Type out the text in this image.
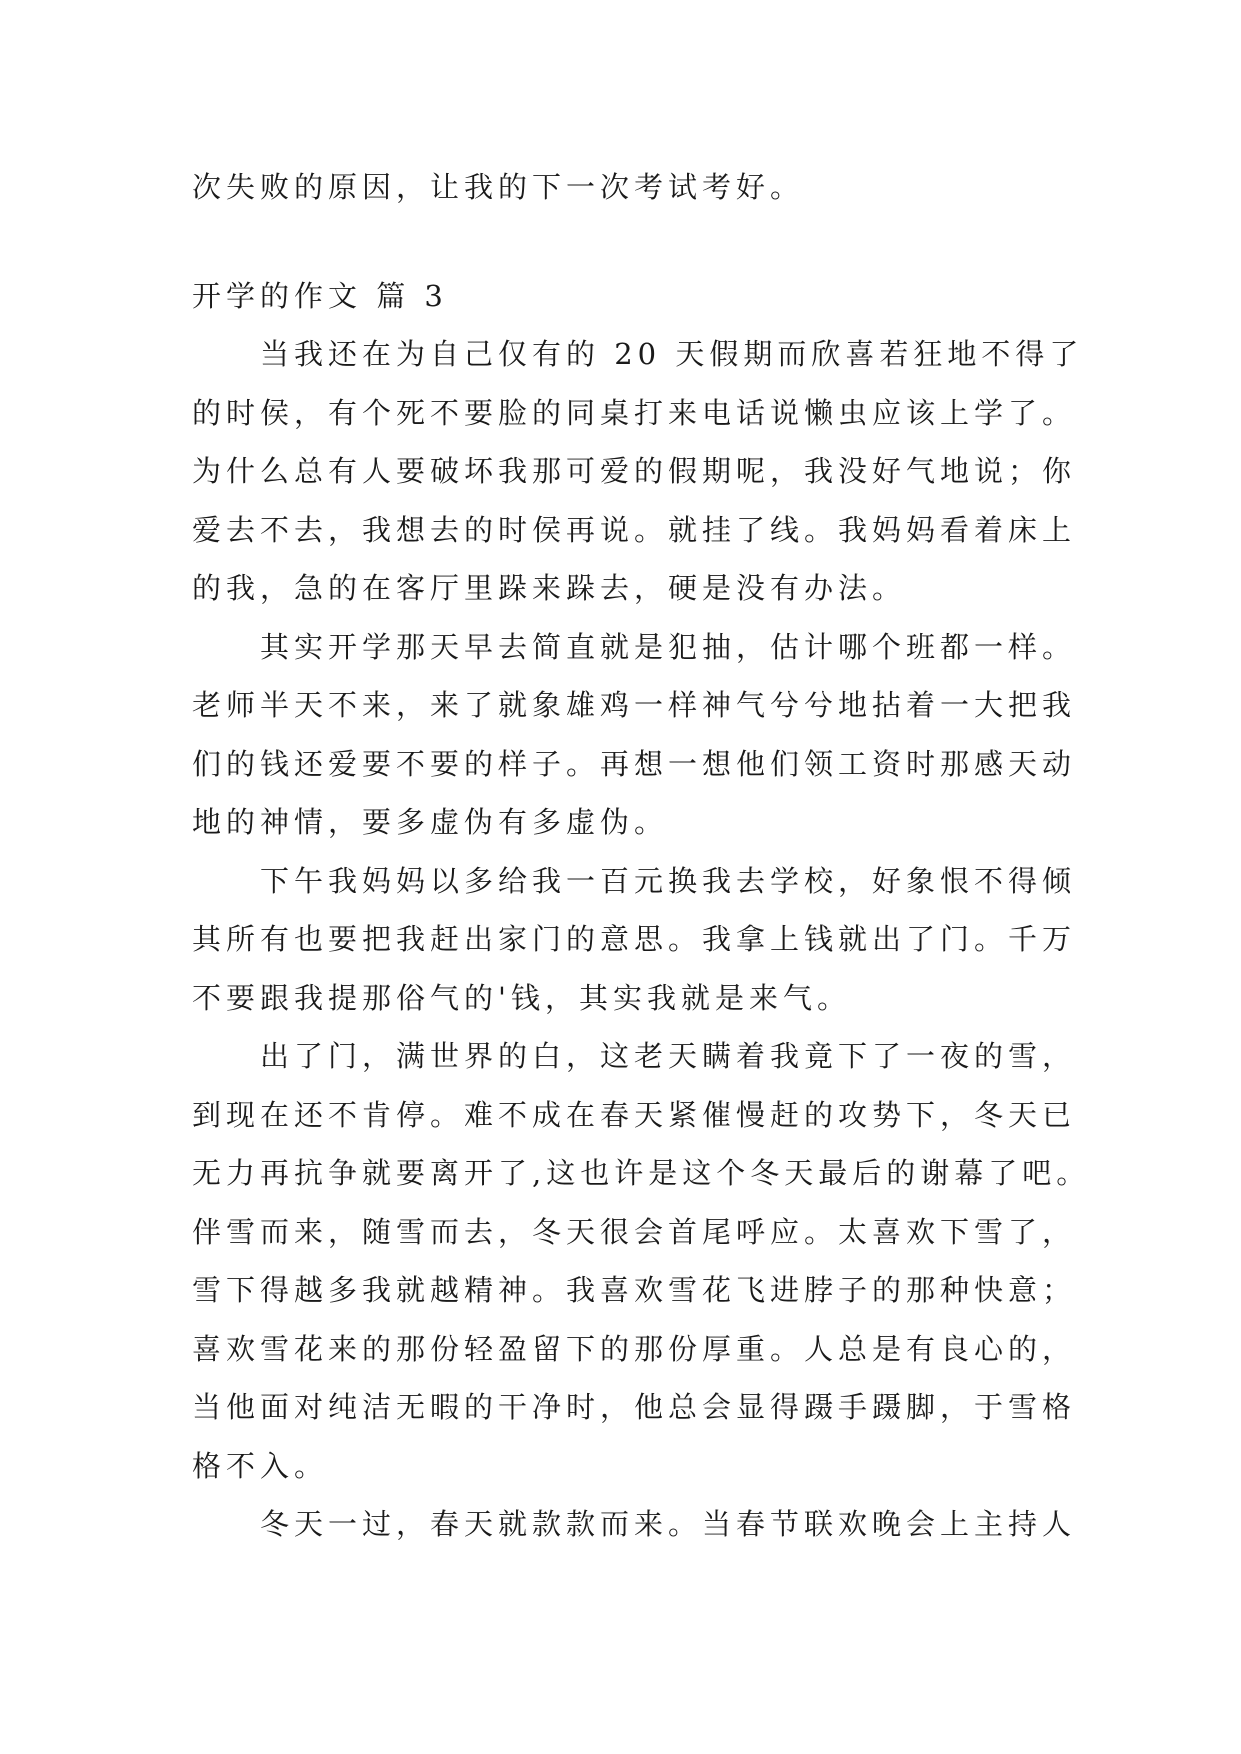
次失败的原因，让我的下一次考试考好。
开学的作文 篇 3
当我还在为自己仅有的 20 天假期而欣喜若狂地不得了
的时侯，有个死不要脸的同桌打来电话说懒虫应该上学了。
为什么总有人要破坏我那可爱的假期呢，我没好气地说；你
爱去不去，我想去的时侯再说。就挂了线。我妈妈看着床上
的我，急的在客厅里跺来跺去，硬是没有办法。
其实开学那天早去简直就是犯抽，估计哪个班都一样。
老师半天不来，来了就象雄鸡一样神气兮兮地拈着一大把我
们的钱还爱要不要的样子。再想一想他们领工资时那感天动
地的神情，要多虚伪有多虚伪。
下午我妈妈以多给我一百元换我去学校，好象恨不得倾
其所有也要把我赶出家门的意思。我拿上钱就出了门。千万
不要跟我提那俗气的'钱，其实我就是来气。
出了门，满世界的白，这老天瞒着我竟下了一夜的雪，
到现在还不肯停。难不成在春天紧催慢赶的攻势下，冬天已
无力再抗争就要离开了,这也许是这个冬天最后的谢幕了吧。
伴雪而来，随雪而去，冬天很会首尾呼应。太喜欢下雪了，
雪下得越多我就越精神。我喜欢雪花飞进脖子的那种快意；
喜欢雪花来的那份轻盈留下的那份厚重。人总是有良心的，
当他面对纯洁无暇的干净时，他总会显得蹑手蹑脚，于雪格
格不入。
冬天一过，春天就款款而来。当春节联欢晚会上主持人
